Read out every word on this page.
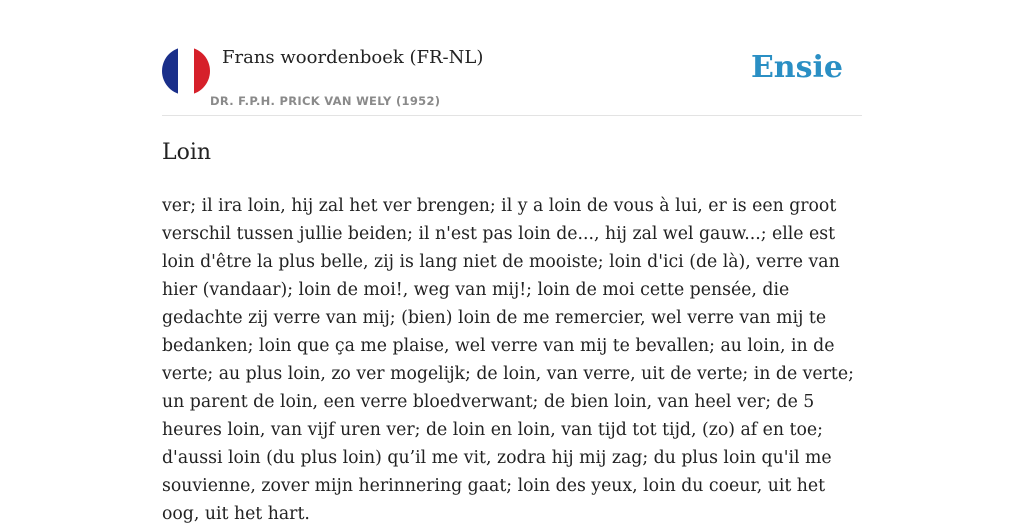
Frans woordenboek (FR-NL)
DR. F.P.H. PRICK VAN WELY (1952)
Ensie
Loin

ver; il ira loin, hij zal het ver brengen; il y a loin de vous à lui, er is een groot verschil tussen jullie beiden; il n'est pas loin de..., hij zal wel gauw...; elle est loin d'être la plus belle, zij is lang niet de mooiste; loin d'ici (de là), verre van hier (vandaar); loin de moi!, weg van mij!; loin de moi cette pensée, die gedachte zij verre van mij; (bien) loin de me remercier, wel verre van mij te bedanken; loin que ça me plaise, wel verre van mij te bevallen; au loin, in de verte; au plus loin, zo ver mogelijk; de loin, van verre, uit de verte; in de verte; un parent de loin, een verre bloedverwant; de bien loin, van heel ver; de 5 heures loin, van vijf uren ver; de loin en loin, van tijd tot tijd, (zo) af en toe; d'aussi loin (du plus loin) qu’il me vit, zodra hij mij zag; du plus loin qu'il me souvienne, zover mijn herinnering gaat; loin des yeux, loin du coeur, uit het oog, uit het hart.
